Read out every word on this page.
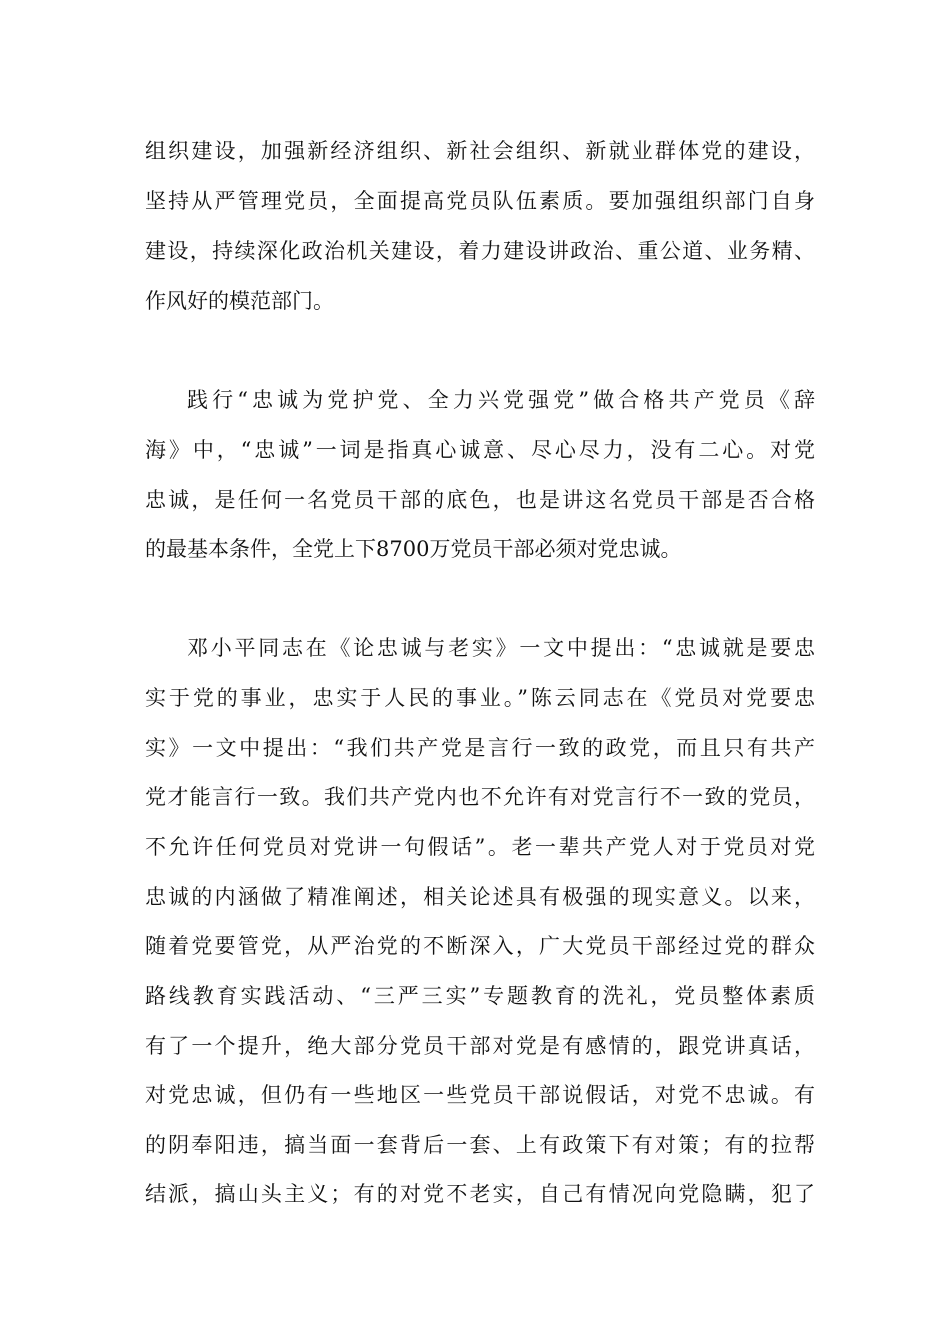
组织建设，加强新经济组织、新社会组织、新就业群体党的建设，
坚持从严管理党员，全面提高党员队伍素质。要加强组织部门自身
建设，持续深化政治机关建设，着力建设讲政治、重公道、业务精、
作风好的模范部门。
践行“忠诚为党护党、全力兴党强党”做合格共产党员《辞
海》中，“忠诚”一词是指真心诚意、尽心尽力，没有二心。对党
忠诚，是任何一名党员干部的底色，也是讲这名党员干部是否合格
的最基本条件，全党上下8700万党员干部必须对党忠诚。
邓小平同志在《论忠诚与老实》一文中提出：“忠诚就是要忠
实于党的事业，忠实于人民的事业。”陈云同志在《党员对党要忠
实》一文中提出：“我们共产党是言行一致的政党，而且只有共产
党才能言行一致。我们共产党内也不允许有对党言行不一致的党员，
不允许任何党员对党讲一句假话”。老一辈共产党人对于党员对党
忠诚的内涵做了精准阐述，相关论述具有极强的现实意义。以来，
随着党要管党，从严治党的不断深入，广大党员干部经过党的群众
路线教育实践活动、“三严三实”专题教育的洗礼，党员整体素质
有了一个提升，绝大部分党员干部对党是有感情的，跟党讲真话，
对党忠诚，但仍有一些地区一些党员干部说假话，对党不忠诚。有
的阴奉阳违，搞当面一套背后一套、上有政策下有对策；有的拉帮
结派，搞山头主义；有的对党不老实，自己有情况向党隐瞒，犯了
